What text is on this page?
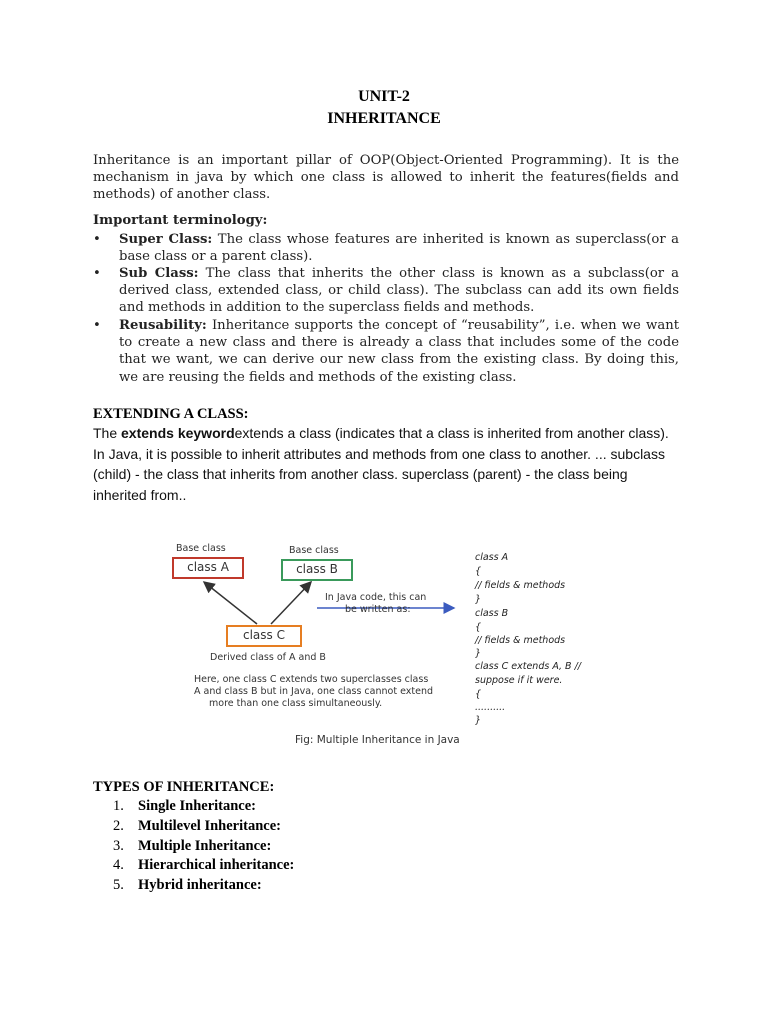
UNIT-2
INHERITANCE
Inheritance is an important pillar of OOP(Object-Oriented Programming). It is the mechanism in java by which one class is allowed to inherit the features(fields and methods) of another class.
Important terminology:
•	Super Class: The class whose features are inherited is known as superclass(or a base class or a parent class).
•	Sub Class: The class that inherits the other class is known as a subclass(or a derived class, extended class, or child class). The subclass can add its own fields and methods in addition to the superclass fields and methods.
•	Reusability: Inheritance supports the concept of “reusability”, i.e. when we want to create a new class and there is already a class that includes some of the code that we want, we can derive our new class from the existing class. By doing this, we are reusing the fields and methods of the existing class.
EXTENDING A CLASS:
The extends keywordextends a class (indicates that a class is inherited from another class). In Java, it is possible to inherit attributes and methods from one class to another. ... subclass (child) - the class that inherits from another class. superclass (parent) - the class being inherited from..
Base class	Base class
class A	class B
class C
In Java code, this can
be written as:
Derived class of A and B
Here, one class C extends two superclasses class
A and class B but in Java, one class cannot extend
more than one class simultaneously.
class A
{
// fields & methods
}
class B
{
// fields & methods
}
class C extends A, B //
suppose if it were.
{
..........
}
Fig: Multiple Inheritance in Java
TYPES OF INHERITANCE:
1. Single Inheritance:
2. Multilevel Inheritance:
3. Multiple Inheritance:
4. Hierarchical inheritance:
5. Hybrid inheritance:
